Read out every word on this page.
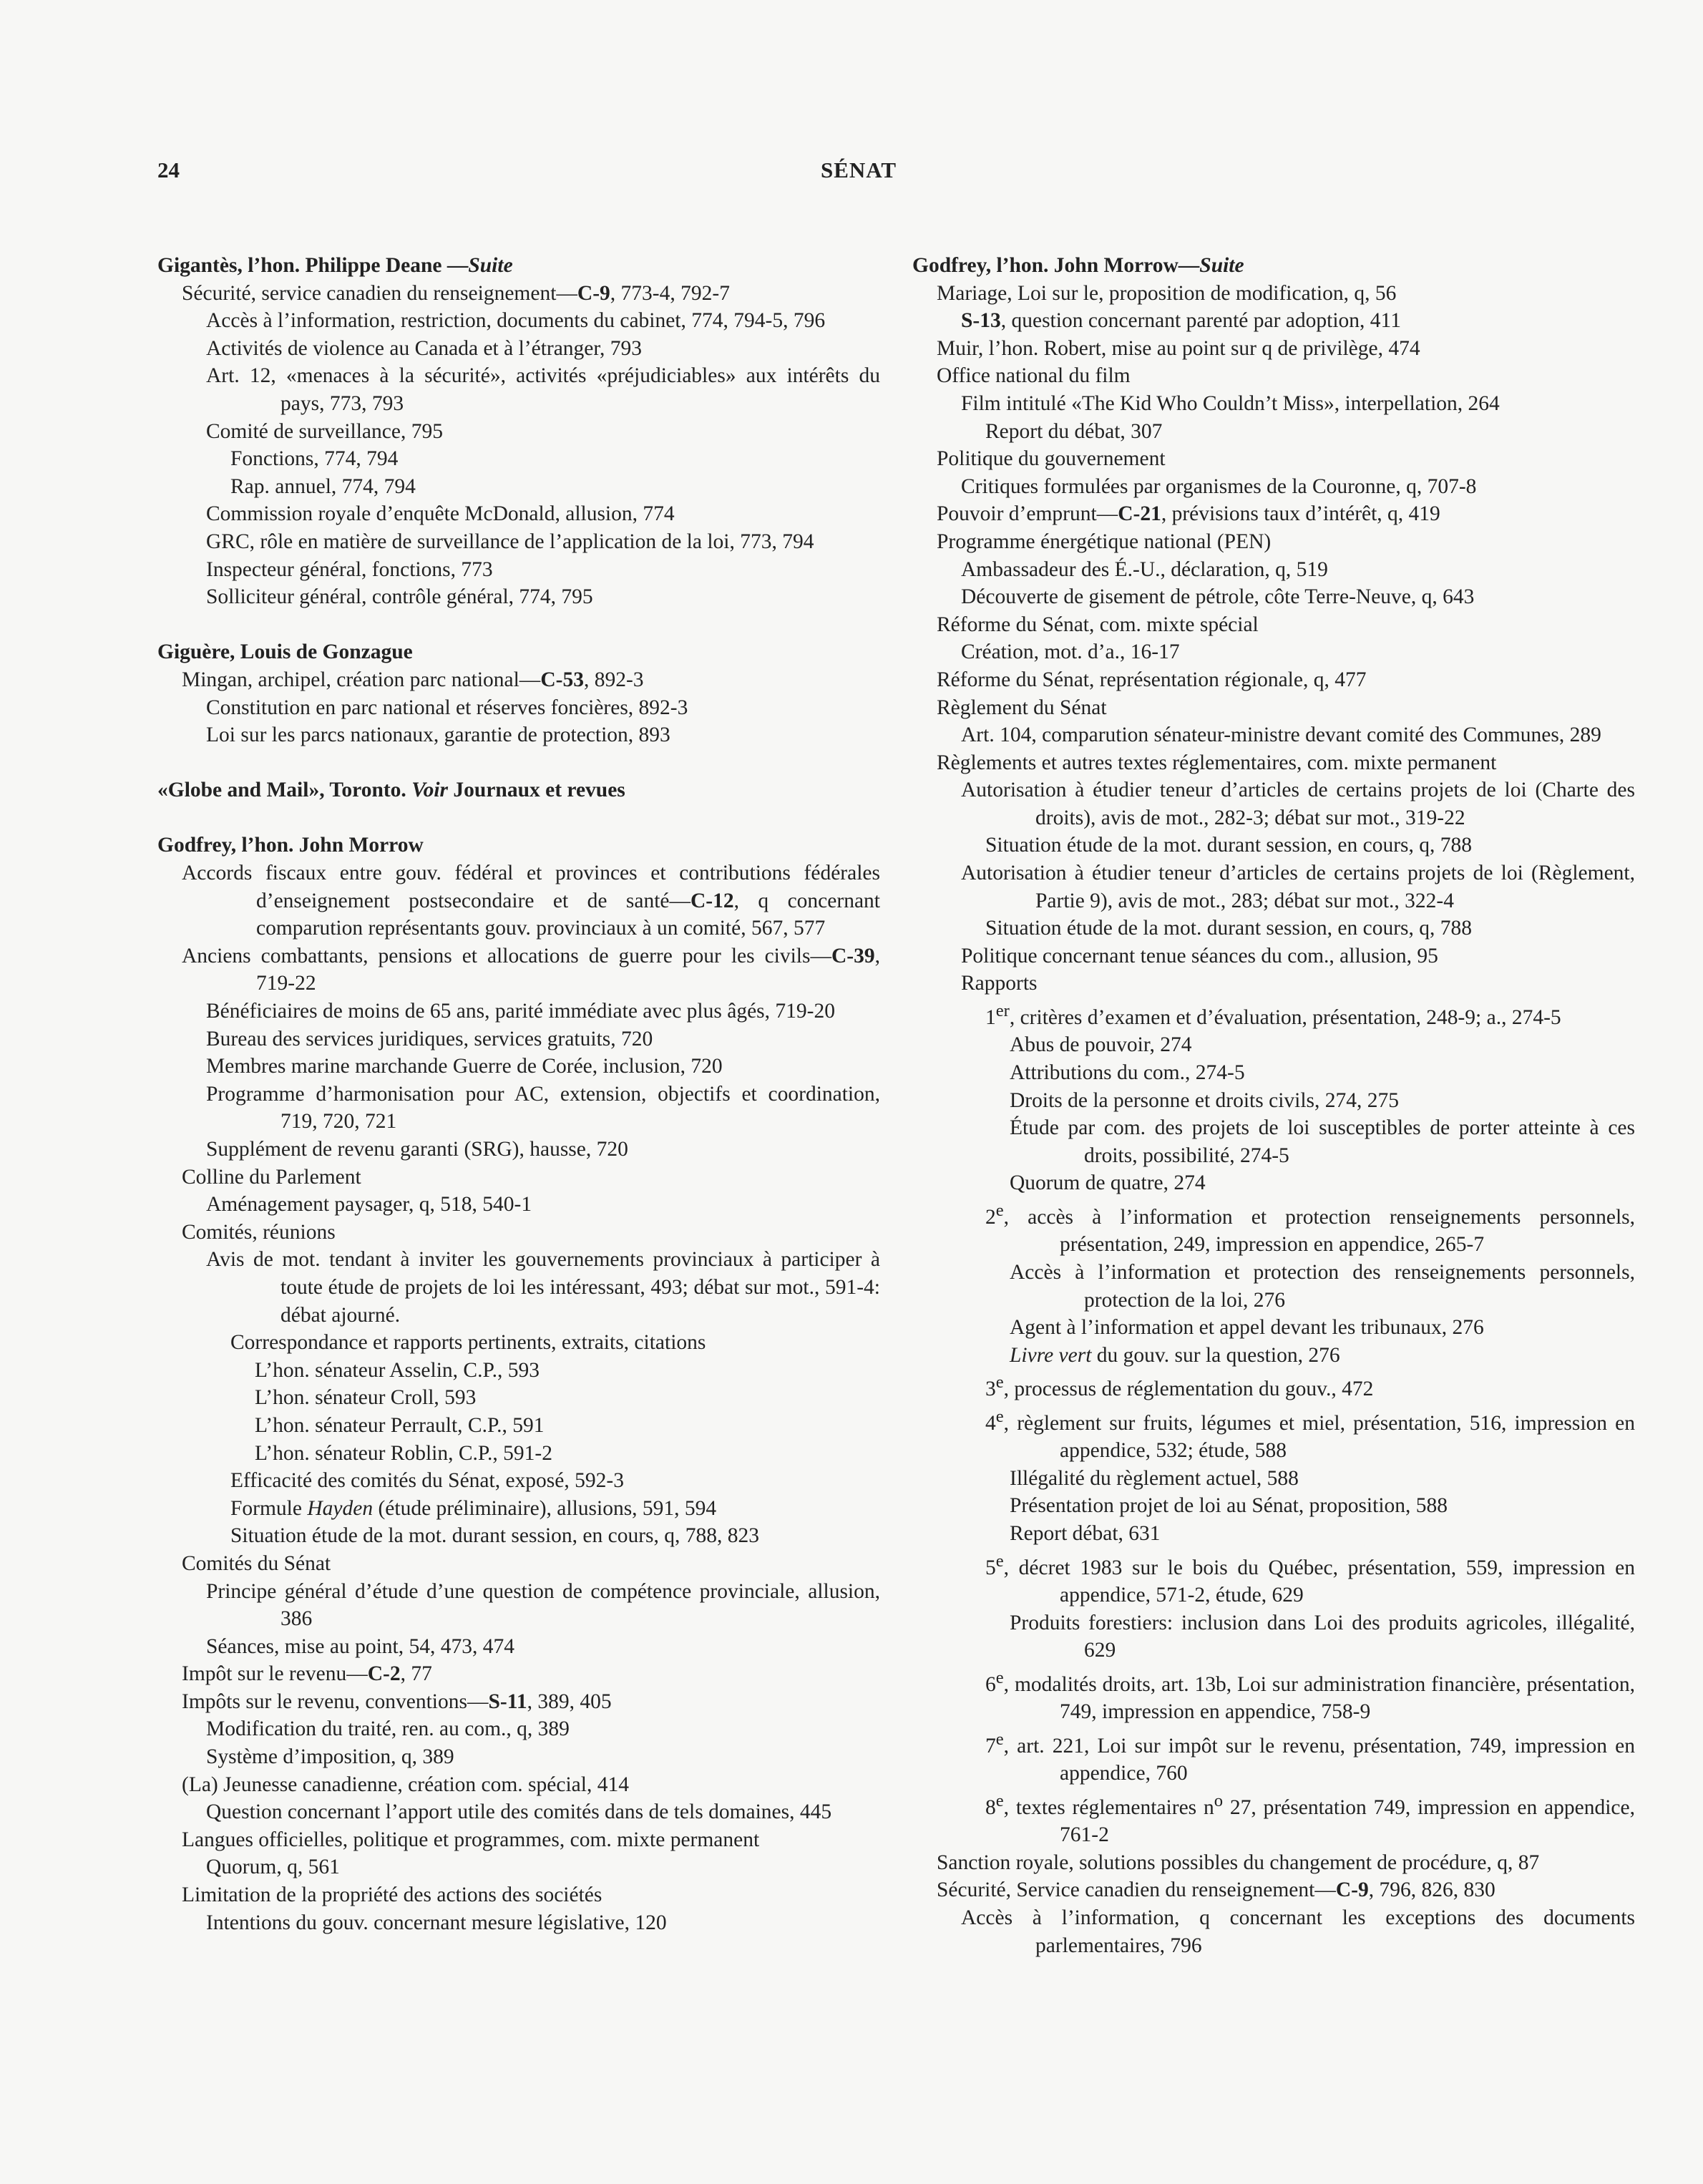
24	SÉNAT
Gigantès, l’hon. Philippe Deane —Suite
Sécurité, service canadien du renseignement—C-9, 773-4, 792-7
Accès à l’information, restriction, documents du cabinet, 774, 794-5, 796
Activités de violence au Canada et à l’étranger, 793
Art. 12, «menaces à la sécurité», activités «préjudiciables» aux intérêts du pays, 773, 793
Comité de surveillance, 795
Fonctions, 774, 794
Rap. annuel, 774, 794
Commission royale d’enquête McDonald, allusion, 774
GRC, rôle en matière de surveillance de l’application de la loi, 773, 794
Inspecteur général, fonctions, 773
Solliciteur général, contrôle général, 774, 795
Giguère, Louis de Gonzague
Mingan, archipel, création parc national—C-53, 892-3
Constitution en parc national et réserves foncières, 892-3
Loi sur les parcs nationaux, garantie de protection, 893
«Globe and Mail», Toronto. Voir Journaux et revues
Godfrey, l’hon. John Morrow
Accords fiscaux entre gouv. fédéral et provinces et contributions fédérales d’enseignement postsecondaire et de santé—C-12, q concernant comparution représentants gouv. provinciaux à un comité, 567, 577
Anciens combattants, pensions et allocations de guerre pour les civils—C-39, 719-22
Bénéficiaires de moins de 65 ans, parité immédiate avec plus âgés, 719-20
Bureau des services juridiques, services gratuits, 720
Membres marine marchande Guerre de Corée, inclusion, 720
Programme d’harmonisation pour AC, extension, objectifs et coordination, 719, 720, 721
Supplément de revenu garanti (SRG), hausse, 720
Colline du Parlement
Aménagement paysager, q, 518, 540-1
Comités, réunions
Avis de mot. tendant à inviter les gouvernements provinciaux à participer à toute étude de projets de loi les intéressant, 493; débat sur mot., 591-4: débat ajourné.
Correspondance et rapports pertinents, extraits, citations
L’hon. sénateur Asselin, C.P., 593
L’hon. sénateur Croll, 593
L’hon. sénateur Perrault, C.P., 591
L’hon. sénateur Roblin, C.P., 591-2
Efficacité des comités du Sénat, exposé, 592-3
Formule Hayden (étude préliminaire), allusions, 591, 594
Situation étude de la mot. durant session, en cours, q, 788, 823
Comités du Sénat
Principe général d’étude d’une question de compétence provinciale, allusion, 386
Séances, mise au point, 54, 473, 474
Impôt sur le revenu—C-2, 77
Impôts sur le revenu, conventions—S-11, 389, 405
Modification du traité, ren. au com., q, 389
Système d’imposition, q, 389
(La) Jeunesse canadienne, création com. spécial, 414
Question concernant l’apport utile des comités dans de tels domaines, 445
Langues officielles, politique et programmes, com. mixte permanent
Quorum, q, 561
Limitation de la propriété des actions des sociétés
Intentions du gouv. concernant mesure législative, 120
Godfrey, l’hon. John Morrow—Suite
Mariage, Loi sur le, proposition de modification, q, 56
S-13, question concernant parenté par adoption, 411
Muir, l’hon. Robert, mise au point sur q de privilège, 474
Office national du film
Film intitulé «The Kid Who Couldn’t Miss», interpellation, 264
Report du débat, 307
Politique du gouvernement
Critiques formulées par organismes de la Couronne, q, 707-8
Pouvoir d’emprunt—C-21, prévisions taux d’intérêt, q, 419
Programme énergétique national (PEN)
Ambassadeur des É.-U., déclaration, q, 519
Découverte de gisement de pétrole, côte Terre-Neuve, q, 643
Réforme du Sénat, com. mixte spécial
Création, mot. d’a., 16-17
Réforme du Sénat, représentation régionale, q, 477
Règlement du Sénat
Art. 104, comparution sénateur-ministre devant comité des Communes, 289
Règlements et autres textes réglementaires, com. mixte permanent
Autorisation à étudier teneur d’articles de certains projets de loi (Charte des droits), avis de mot., 282-3; débat sur mot., 319-22
Situation étude de la mot. durant session, en cours, q, 788
Autorisation à étudier teneur d’articles de certains projets de loi (Règlement, Partie 9), avis de mot., 283; débat sur mot., 322-4
Situation étude de la mot. durant session, en cours, q, 788
Politique concernant tenue séances du com., allusion, 95
Rapports
1er, critères d’examen et d’évaluation, présentation, 248-9; a., 274-5
Abus de pouvoir, 274
Attributions du com., 274-5
Droits de la personne et droits civils, 274, 275
Étude par com. des projets de loi susceptibles de porter atteinte à ces droits, possibilité, 274-5
Quorum de quatre, 274
2e, accès à l’information et protection renseignements personnels, présentation, 249, impression en appendice, 265-7
Accès à l’information et protection des renseignements personnels, protection de la loi, 276
Agent à l’information et appel devant les tribunaux, 276
Livre vert du gouv. sur la question, 276
3e, processus de réglementation du gouv., 472
4e, règlement sur fruits, légumes et miel, présentation, 516, impression en appendice, 532; étude, 588
Illégalité du règlement actuel, 588
Présentation projet de loi au Sénat, proposition, 588
Report débat, 631
5e, décret 1983 sur le bois du Québec, présentation, 559, impression en appendice, 571-2, étude, 629
Produits forestiers: inclusion dans Loi des produits agricoles, illégalité, 629
6e, modalités droits, art. 13b, Loi sur administration financière, présentation, 749, impression en appendice, 758-9
7e, art. 221, Loi sur impôt sur le revenu, présentation, 749, impression en appendice, 760
8e, textes réglementaires $n^o$ 27, présentation 749, impression en appendice, 761-2
Sanction royale, solutions possibles du changement de procédure, q, 87
Sécurité, Service canadien du renseignement—C-9, 796, 826, 830
Accès à l’information, q concernant les exceptions des documents parlementaires, 796
